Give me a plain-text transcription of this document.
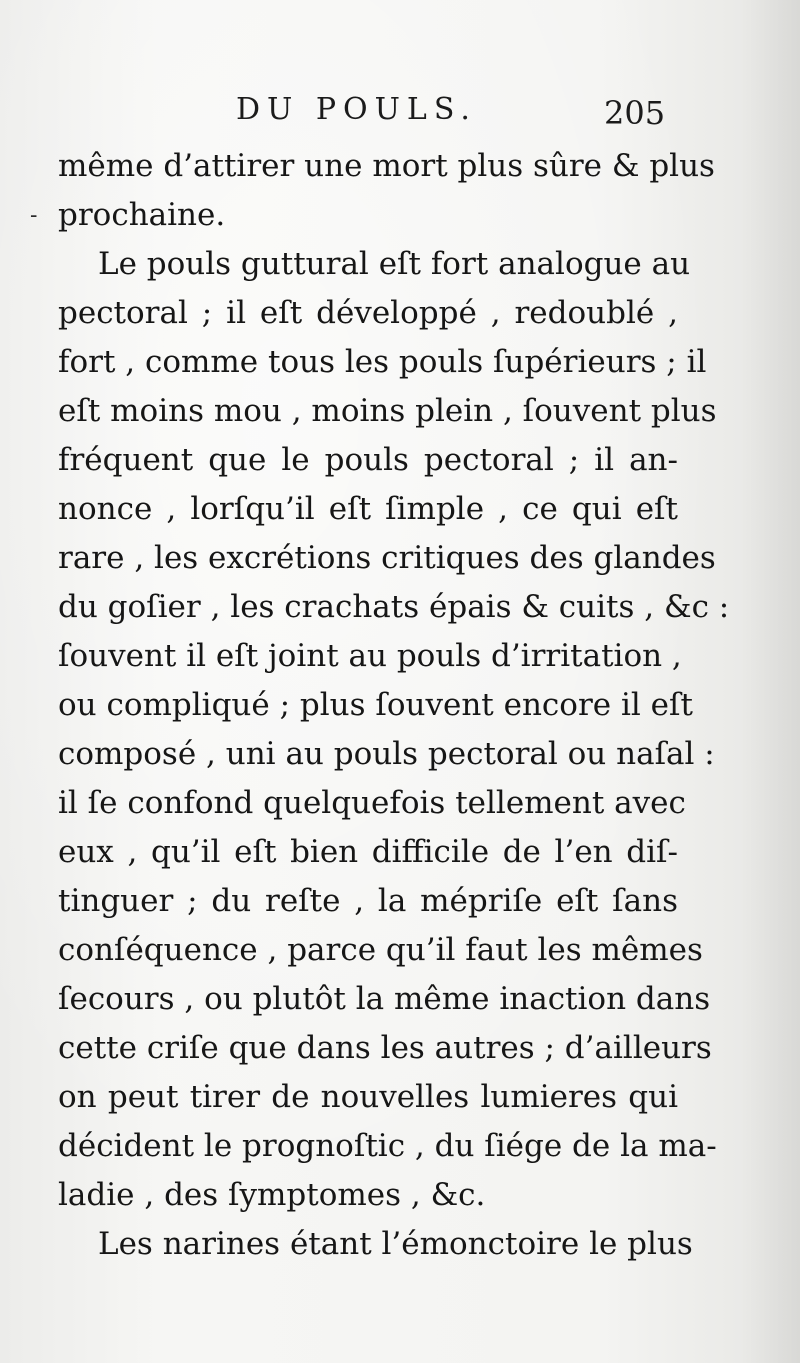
DU POULS.	205
-
même d’attirer une mort plus sûre & plus
prochaine.
Le pouls guttural eſt fort analogue au
pectoral ; il eſt développé , redoublé ,
fort , comme tous les pouls ſupérieurs ; il
eſt moins mou , moins plein , ſouvent plus
fréquent que le pouls pectoral ; il an-
nonce , lorſqu’il eſt ſimple , ce qui eſt
rare , les excrétions critiques des glandes
du goſier , les crachats épais & cuits , &c :
ſouvent il eſt joint au pouls d’irritation ,
ou compliqué ; plus ſouvent encore il eſt
composé , uni au pouls pectoral ou naſal :
il ſe confond quelquefois tellement avec
eux , qu’il eſt bien difficile de l’en diſ-
tinguer ; du reſte , la mépriſe eſt ſans
conſéquence , parce qu’il faut les mêmes
ſecours , ou plutôt la même inaction dans
cette criſe que dans les autres ; d’ailleurs
on peut tirer de nouvelles lumieres qui
décident le prognoſtic , du ſiége de la ma-
ladie , des ſymptomes , &c.
Les narines étant l’émonctoire le plus
